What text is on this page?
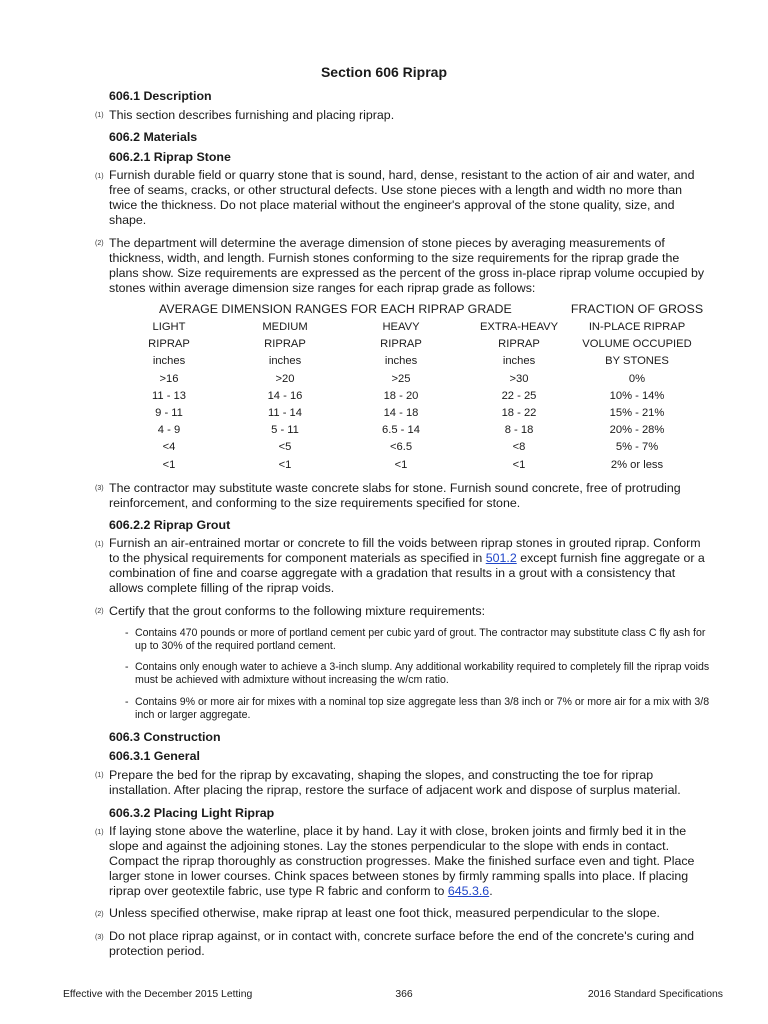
Section 606 Riprap
606.1 Description
(1) This section describes furnishing and placing riprap.
606.2 Materials
606.2.1 Riprap Stone
(1) Furnish durable field or quarry stone that is sound, hard, dense, resistant to the action of air and water, and free of seams, cracks, or other structural defects. Use stone pieces with a length and width no more than twice the thickness. Do not place material without the engineer's approval of the stone quality, size, and shape.
(2) The department will determine the average dimension of stone pieces by averaging measurements of thickness, width, and length. Furnish stones conforming to the size requirements for the riprap grade the plans show. Size requirements are expressed as the percent of the gross in-place riprap volume occupied by stones within average dimension size ranges for each riprap grade as follows:
AVERAGE DIMENSION RANGES FOR EACH RIPRAP GRADE	FRACTION OF GROSS
LIGHT	MEDIUM	HEAVY	EXTRA-HEAVY	IN-PLACE RIPRAP
RIPRAP	RIPRAP	RIPRAP	RIPRAP	VOLUME OCCUPIED
inches	inches	inches	inches	BY STONES
>16	>20	>25	>30	0%
11 - 13	14 - 16	18 - 20	22 - 25	10% - 14%
9 - 11	11 - 14	14 - 18	18 - 22	15% - 21%
4 - 9	5 - 11	6.5 - 14	8 - 18	20% - 28%
<4	<5	<6.5	<8	5% - 7%
<1	<1	<1	<1	2% or less
(3) The contractor may substitute waste concrete slabs for stone. Furnish sound concrete, free of protruding reinforcement, and conforming to the size requirements specified for stone.
606.2.2 Riprap Grout
(1) Furnish an air-entrained mortar or concrete to fill the voids between riprap stones in grouted riprap. Conform to the physical requirements for component materials as specified in 501.2 except furnish fine aggregate or a combination of fine and coarse aggregate with a gradation that results in a grout with a consistency that allows complete filling of the riprap voids.
(2) Certify that the grout conforms to the following mixture requirements:
- Contains 470 pounds or more of portland cement per cubic yard of grout. The contractor may substitute class C fly ash for up to 30% of the required portland cement.
- Contains only enough water to achieve a 3-inch slump. Any additional workability required to completely fill the riprap voids must be achieved with admixture without increasing the w/cm ratio.
- Contains 9% or more air for mixes with a nominal top size aggregate less than 3/8 inch or 7% or more air for a mix with 3/8 inch or larger aggregate.
606.3 Construction
606.3.1 General
(1) Prepare the bed for the riprap by excavating, shaping the slopes, and constructing the toe for riprap installation. After placing the riprap, restore the surface of adjacent work and dispose of surplus material.
606.3.2 Placing Light Riprap
(1) If laying stone above the waterline, place it by hand. Lay it with close, broken joints and firmly bed it in the slope and against the adjoining stones. Lay the stones perpendicular to the slope with ends in contact. Compact the riprap thoroughly as construction progresses. Make the finished surface even and tight. Place larger stone in lower courses. Chink spaces between stones by firmly ramming spalls into place. If placing riprap over geotextile fabric, use type R fabric and conform to 645.3.6.
(2) Unless specified otherwise, make riprap at least one foot thick, measured perpendicular to the slope.
(3) Do not place riprap against, or in contact with, concrete surface before the end of the concrete's curing and protection period.
Effective with the December 2015 Letting	366	2016 Standard Specifications
